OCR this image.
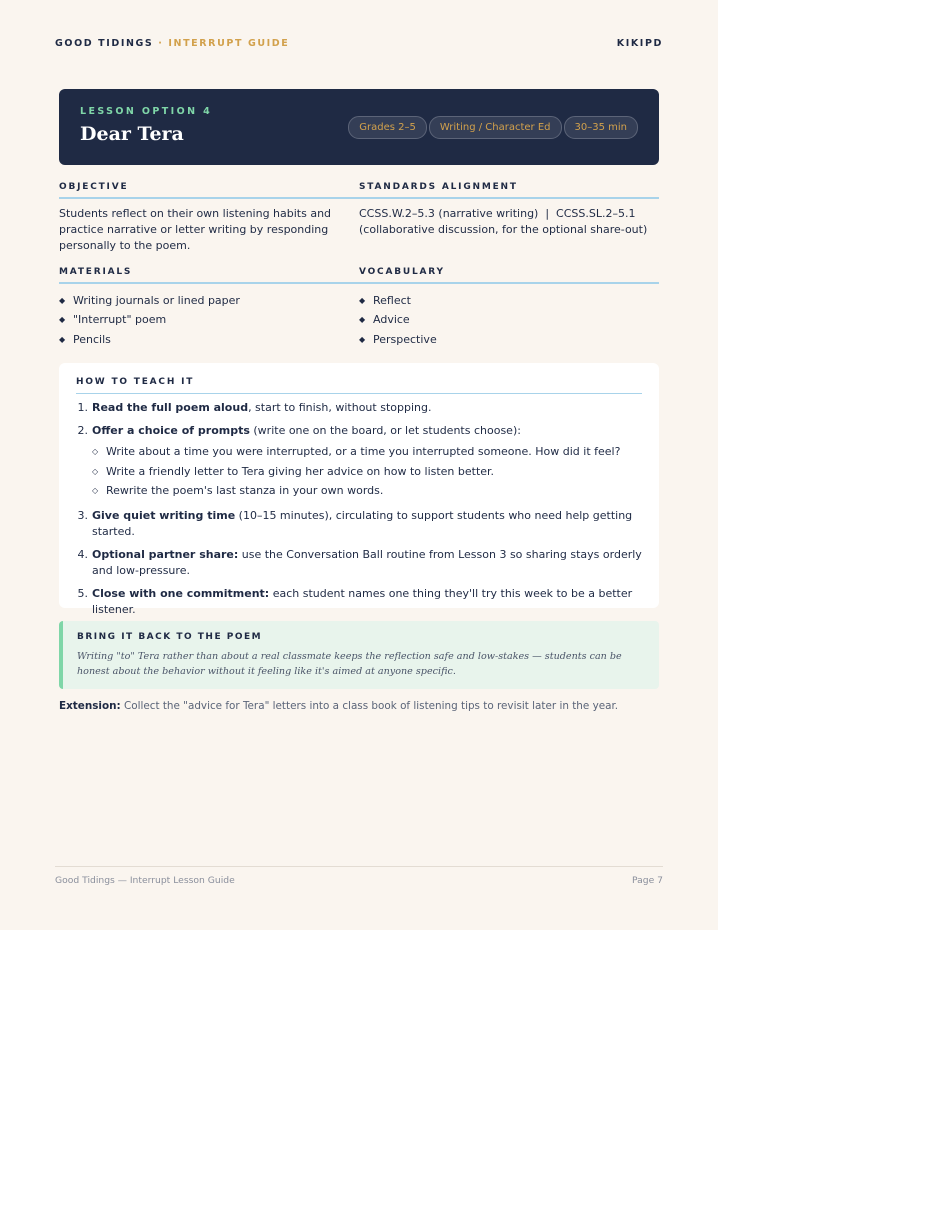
GOOD TIDINGS · INTERRUPT GUIDE	KIKIPD
LESSON OPTION 4
Dear Tera	Grades 2–5	Writing / Character Ed	30–35 min
OBJECTIVE
Students reflect on their own listening habits and practice narrative or letter writing by responding personally to the poem.
STANDARDS ALIGNMENT
CCSS.W.2–5.3 (narrative writing)  |  CCSS.SL.2–5.1 (collaborative discussion, for the optional share-out)
MATERIALS
◆ Writing journals or lined paper
◆ "Interrupt" poem
◆ Pencils
VOCABULARY
◆ Reflect
◆ Advice
◆ Perspective
HOW TO TEACH IT
1. Read the full poem aloud, start to finish, without stopping.
2. Offer a choice of prompts (write one on the board, or let students choose):
◇ Write about a time you were interrupted, or a time you interrupted someone. How did it feel?
◇ Write a friendly letter to Tera giving her advice on how to listen better.
◇ Rewrite the poem's last stanza in your own words.
3. Give quiet writing time (10–15 minutes), circulating to support students who need help getting started.
4. Optional partner share: use the Conversation Ball routine from Lesson 3 so sharing stays orderly and low-pressure.
5. Close with one commitment: each student names one thing they'll try this week to be a better listener.
BRING IT BACK TO THE POEM
Writing "to" Tera rather than about a real classmate keeps the reflection safe and low-stakes — students can be honest about the behavior without it feeling like it's aimed at anyone specific.
Extension: Collect the "advice for Tera" letters into a class book of listening tips to revisit later in the year.
Good Tidings — Interrupt Lesson Guide	Page 7
